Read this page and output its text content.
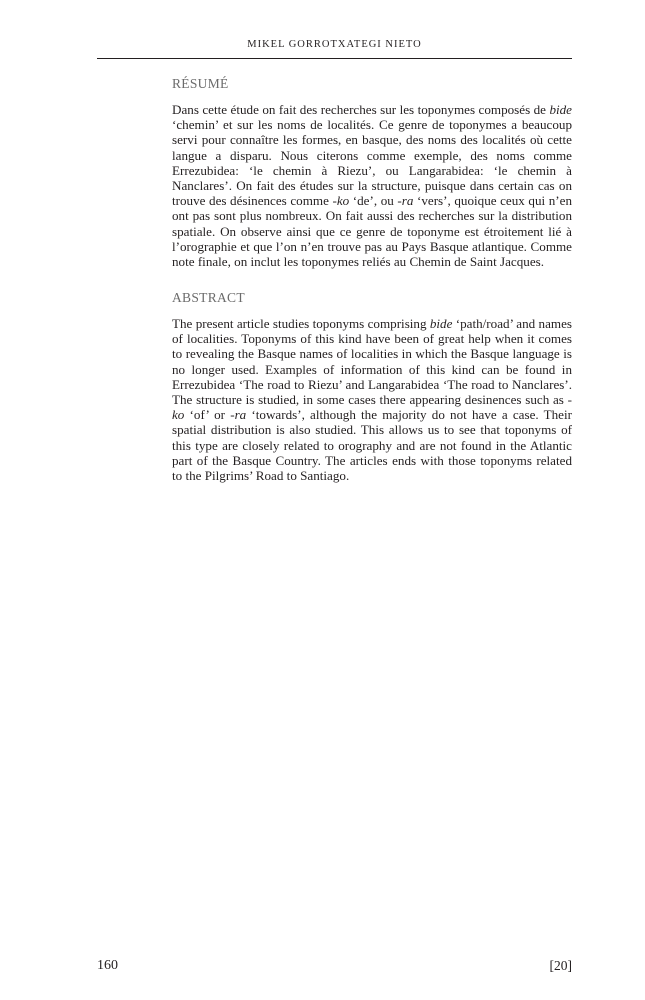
MIKEL GORROTXATEGI NIETO
RÉSUMÉ

Dans cette étude on fait des recherches sur les toponymes composés de bide ‘chemin’ et sur les noms de localités. Ce genre de toponymes a beaucoup servi pour connaître les formes, en basque, des noms des localités où cette langue a disparu. Nous citerons comme exemple, des noms comme Errezubidea: ‘le chemin à Riezu’, ou Langarabidea: ‘le chemin à Nanclares’. On fait des études sur la structure, puisque dans certain cas on trouve des désinences comme -ko ‘de’, ou -ra ‘vers’, quoique ceux qui n’en ont pas sont plus nombreux. On fait aussi des recherches sur la distribution spatiale. On observe ainsi que ce genre de toponyme est étroitement lié à l’orographie et que l’on n’en trouve pas au Pays Basque atlantique. Comme note finale, on inclut les toponymes reliés au Chemin de Saint Jacques.

ABSTRACT

The present article studies toponyms comprising bide ‘path/road’ and names of localities. Toponyms of this kind have been of great help when it comes to revealing the Basque names of localities in which the Basque language is no longer used. Examples of information of this kind can be found in Errezubidea ‘The road to Riezu’ and Langarabidea ‘The road to Nanclares’. The structure is studied, in some cases there appearing desinences such as -ko ‘of’ or -ra ‘towards’, although the majority do not have a case. Their spatial distribution is also studied. This allows us to see that toponyms of this type are closely related to orography and are not found in the Atlantic part of the Basque Country. The articles ends with those toponyms related to the Pilgrims’ Road to Santiago.

160	[20]
